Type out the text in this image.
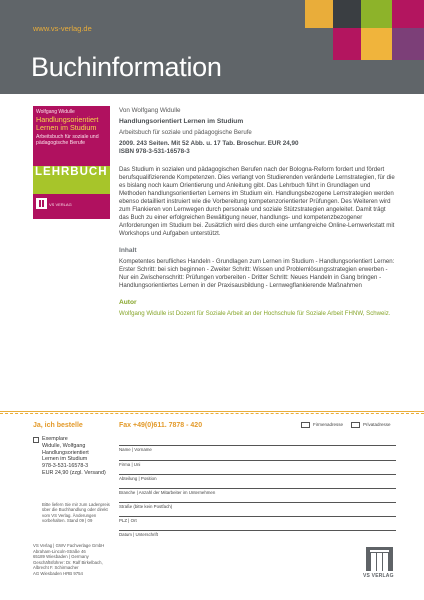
www.vs-verlag.de
Buchinformation
Wolfgang Widulle
Handlungsorientiert Lernen im Studium
Arbeitsbuch für soziale und pädagogische Berufe
LEHRBUCH
VS VERLAG
Von Wolfgang Widulle
Handlungsorientiert Lernen im Studium
Arbeitsbuch für soziale und pädagogische Berufe
2009. 243 Seiten. Mit 52 Abb. u. 17 Tab. Broschur. EUR 24,90
ISBN 978-3-531-16578-3
Das Studium in sozialen und pädagogischen Berufen nach der Bologna-Reform fordert und fördert berufsqualifizierende Kompetenzen. Dies verlangt von Studierenden veränderte Lernstrategien, für die es bislang noch kaum Orientierung und Anleitung gibt. Das Lehrbuch führt in Grundlagen und Methoden handlungsorientierten Lernens im Studium ein. Handlungsbezogene Lernstrategien werden ebenso detailliert instruiert wie die Vorbereitung kompetenzorientierter Prüfungen. Des Weiteren wird zum Flankieren von Lernwegen durch personale und soziale Stützstrategien angeleitet. Damit trägt das Buch zu einer erfolgreichen Bewältigung neuer, handlungs- und kompetenzbezogener Anforderungen im Studium bei. Zusätzlich wird dies durch eine umfangreiche Online-Lernwerkstatt mit Workshops und Aufgaben unterstützt.
Inhalt
Kompetentes berufliches Handeln - Grundlagen zum Lernen im Studium - Handlungsorientiert Lernen: Erster Schritt: bei sich beginnen - Zweiter Schritt: Wissen und Problemlösungsstrategien erwerben - Nur ein Zwischenschritt: Prüfungen vorbereiten - Dritter Schritt: Neues Handeln in Gang bringen - Handlungsorientiertes Lernen in der Praxisausbildung - Lernwegflankierende Maßnahmen
Autor
Wolfgang Widulle ist Dozent für Soziale Arbeit an der Hochschule für Soziale Arbeit FHNW, Schweiz.
Ja, ich bestelle
Exemplare
Widulle, Wolfgang
Handlungsorientiert
Lernen im Studium
978-3-531-16578-3
EUR 24,90 (zzgl. Versand)
Bitte liefern Sie mir zum Ladenpreis über die Buchhandlung oder direkt vom VS Verlag. Änderungen vorbehalten. Stand 09 | 09
VS Verlag | GWV Fachverlage GmbH
Abraham-Lincoln-Straße 46
65189 Wiesbaden | Germany
Geschäftsführer: Dr. Ralf Birkelbach,
Albrecht F. Schirmacher
AG Wiesbaden HRB 9754
Fax +49(0)611. 7878 - 420	Firmenadresse	Privatadresse
Name | Vorname
Firma | Uni
Abteilung | Position
Branche | Anzahl der Mitarbeiter im Unternehmen
Straße (bitte kein Postfach)
PLZ | Ort
Datum | Unterschrift
VS VERLAG
